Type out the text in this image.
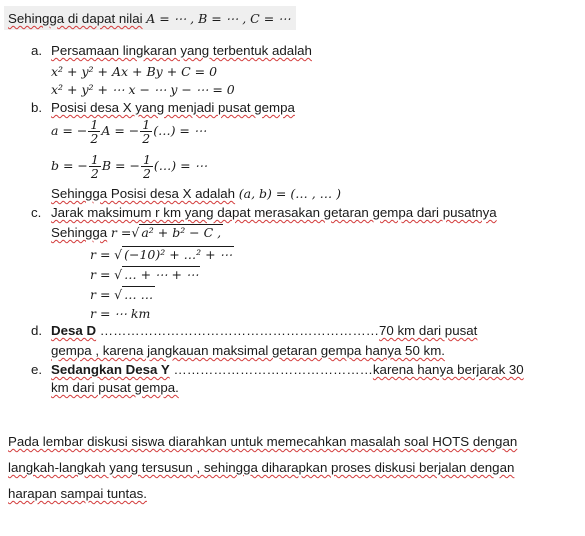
Sehingga di dapat nilai A = ⋯ , B = ⋯ , C = ⋯
a. Persamaan lingkaran yang terbentuk adalah
x² + y² + Ax + By + C = 0
x² + y² + ⋯ x − ⋯ y − ⋯ = 0
b. Posisi desa X yang menjadi pusat gempa
a = − $\frac{1}{2}$ A = − $\frac{1}{2}$ (…) = ⋯
b = − $\frac{1}{2}$ B = − $\frac{1}{2}$ (…) = ⋯
Sehingga Posisi desa X adalah (a, b) = (… , … )
c. Jarak maksimum r km yang dapat merasakan getaran gempa dari pusatnya
Sehingga r =√ a² + b² − C ,
r = √ (−10)² + …² + ⋯
r = √ … + ⋯ + ⋯
r = √ … …
r = ⋯ km
d. Desa D ………………………………………………………70 km dari pusat
gempa , karena jangkauan maksimal getaran gempa hanya 50 km.
e. Sedangkan Desa Y ………………………………………karena hanya berjarak 30
km dari pusat gempa.
Pada lembar diskusi siswa diarahkan untuk memecahkan masalah soal HOTS dengan
langkah-langkah yang tersusun , sehingga diharapkan proses diskusi berjalan dengan
harapan sampai tuntas.
